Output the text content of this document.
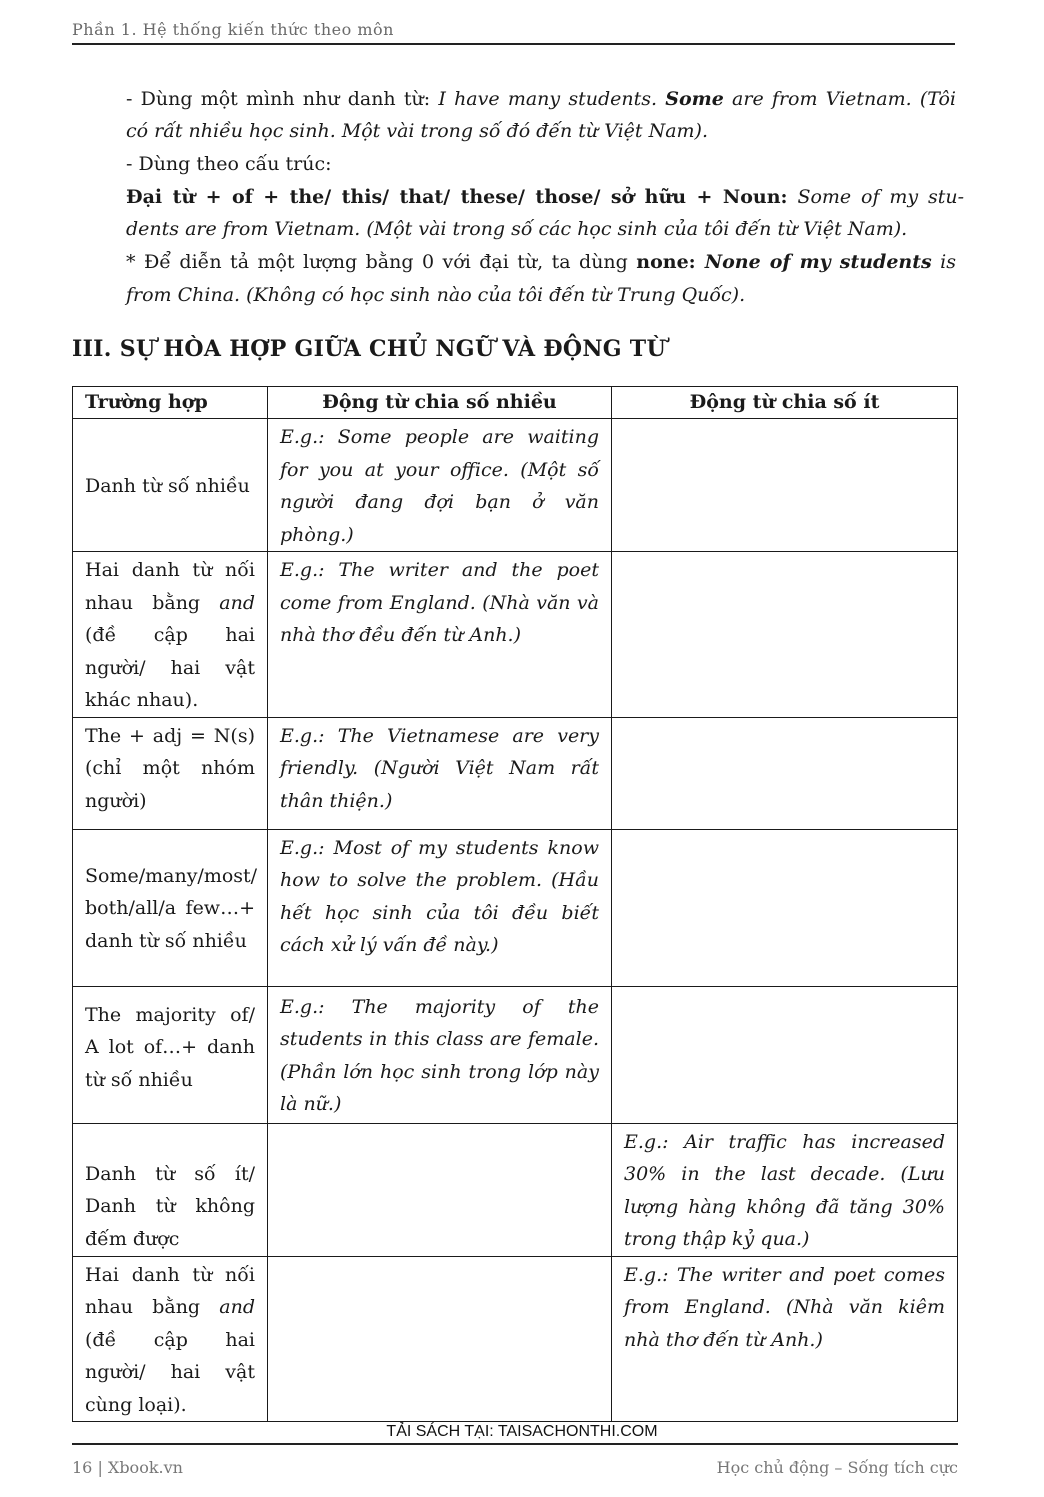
Phần 1. Hệ thống kiến thức theo môn
- Dùng một mình như danh từ: I have many students. Some are from Vietnam. (Tôi
có rất nhiều học sinh. Một vài trong số đó đến từ Việt Nam).
- Dùng theo cấu trúc:
Đại từ + of + the/ this/ that/ these/ those/ sở hữu + Noun: Some of my stu-
dents are from Vietnam. (Một vài trong số các học sinh của tôi đến từ Việt Nam).
* Để diễn tả một lượng bằng 0 với đại từ, ta dùng none: None of my students is
from China. (Không có học sinh nào của tôi đến từ Trung Quốc).
III. SỰ HÒA HỢP GIỮA CHỦ NGỮ VÀ ĐỘNG TỪ
Trường hợp	Động từ chia số nhiều	Động từ chia số ít
Danh từ số nhiều	E.g.: Some people are waiting for you at your office. (Một số người đang đợi bạn ở văn phòng.)	
Hai danh từ nối nhau bằng and (đề cập hai người/ hai vật khác nhau).	E.g.: The writer and the poet come from England. (Nhà văn và nhà thơ đều đến từ Anh.)	
The + adj = N(s) (chỉ một nhóm người)	E.g.: The Vietnamese are very friendly. (Người Việt Nam rất thân thiện.)	
Some/many/most/ both/all/a few…+ danh từ số nhiều	E.g.: Most of my students know how to solve the problem. (Hầu hết học sinh của tôi đều biết cách xử lý vấn đề này.)	
The majority of/ A lot of…+ danh từ số nhiều	E.g.: The majority of the students in this class are female. (Phần lớn học sinh trong lớp này là nữ.)	
Danh từ số ít/ Danh từ không đếm được		E.g.: Air traffic has increased 30% in the last decade. (Lưu lượng hàng không đã tăng 30% trong thập kỷ qua.)
Hai danh từ nối nhau bằng and (đề cập hai người/ hai vật cùng loại).		E.g.: The writer and poet comes from England. (Nhà văn kiêm nhà thơ đến từ Anh.)
TẢI SÁCH TẠI: TAISACHONTHI.COM
16 | Xbook.vn	Học chủ động – Sống tích cực
